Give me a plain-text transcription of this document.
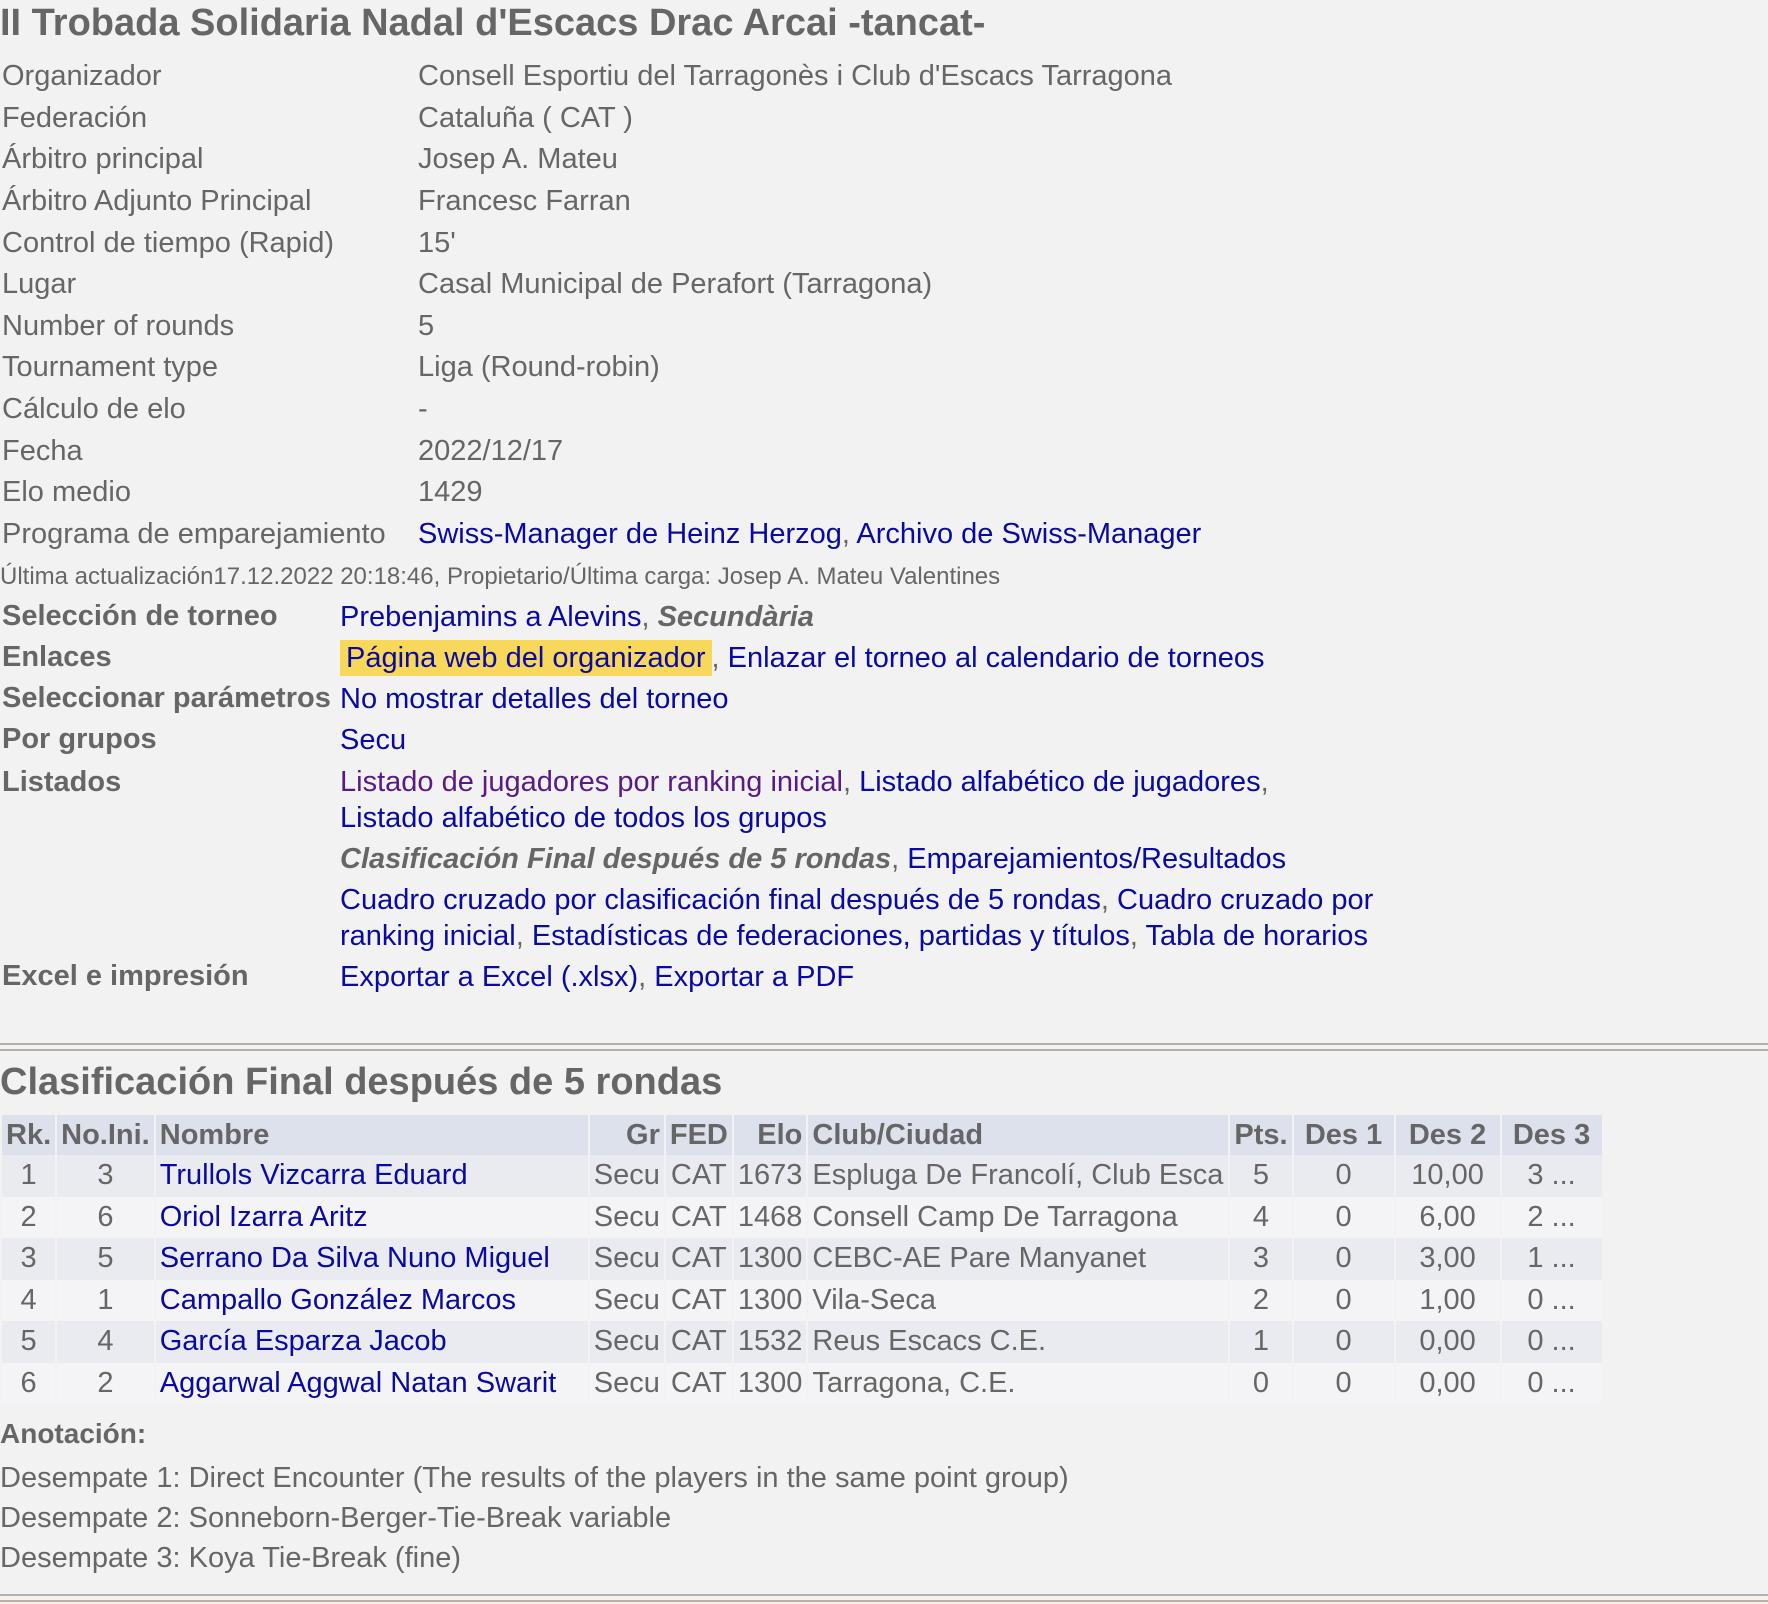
II Trobada Solidaria Nadal d'Escacs Drac Arcai -tancat-
Organizador	Consell Esportiu del Tarragonès i Club d'Escacs Tarragona
Federación	Cataluña ( CAT )
Árbitro principal	Josep A. Mateu
Árbitro Adjunto Principal	Francesc Farran
Control de tiempo (Rapid)	15'
Lugar	Casal Municipal de Perafort (Tarragona)
Number of rounds	5
Tournament type	Liga (Round-robin)
Cálculo de elo	-
Fecha	2022/12/17
Elo medio	1429
Programa de emparejamiento	Swiss-Manager de Heinz Herzog, Archivo de Swiss-Manager
Última actualización17.12.2022 20:18:46, Propietario/Última carga: Josep A. Mateu Valentines
Selección de torneo	Prebenjamins a Alevins, Secundària
Enlaces	Página web del organizador , Enlazar el torneo al calendario de torneos
Seleccionar parámetros No mostrar detalles del torneo
Por grupos	Secu
Listados	Listado de jugadores por ranking inicial, Listado alfabético de jugadores,
Listado alfabético de todos los grupos
Clasificación Final después de 5 rondas, Emparejamientos/Resultados
Cuadro cruzado por clasificación final después de 5 rondas, Cuadro cruzado por ranking inicial, Estadísticas de federaciones, partidas y títulos, Tabla de horarios
Excel e impresión	Exportar a Excel (.xlsx), Exportar a PDF
Clasificación Final después de 5 rondas
Rk.	No.Ini.	Nombre	Gr	FED	Elo	Club/Ciudad	Pts.	Des 1	Des 2	Des 3
1	3	Trullols Vizcarra Eduard	Secu	CAT	1673	Espluga De Francolí, Club Esca	5	0	10,00	3 ...
2	6	Oriol Izarra Aritz	Secu	CAT	1468	Consell Camp De Tarragona	4	0	6,00	2 ...
3	5	Serrano Da Silva Nuno Miguel	Secu	CAT	1300	CEBC-AE Pare Manyanet	3	0	3,00	1 ...
4	1	Campallo González Marcos	Secu	CAT	1300	Vila-Seca	2	0	1,00	0 ...
5	4	García Esparza Jacob	Secu	CAT	1532	Reus Escacs C.E.	1	0	0,00	0 ...
6	2	Aggarwal Aggwal Natan Swarit	Secu	CAT	1300	Tarragona, C.E.	0	0	0,00	0 ...
Anotación:
Desempate 1: Direct Encounter (The results of the players in the same point group)
Desempate 2: Sonneborn-Berger-Tie-Break variable
Desempate 3: Koya Tie-Break (fine)
